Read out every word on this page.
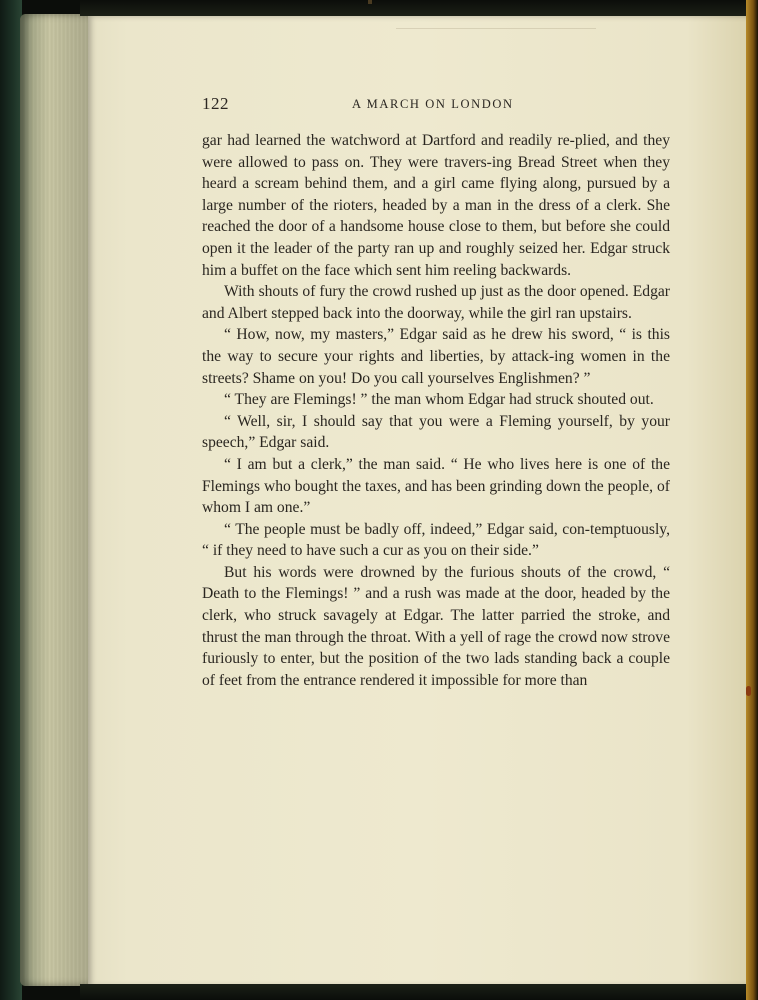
122	A MARCH ON LONDON

gar had learned the watchword at Dartford and readily re-plied, and they were allowed to pass on. They were travers-ing Bread Street when they heard a scream behind them, and a girl came flying along, pursued by a large number of the rioters, headed by a man in the dress of a clerk. She reached the door of a handsome house close to them, but before she could open it the leader of the party ran up and roughly seized her. Edgar struck him a buffet on the face which sent him reeling backwards.

With shouts of fury the crowd rushed up just as the door opened. Edgar and Albert stepped back into the doorway, while the girl ran upstairs.

“ How, now, my masters,” Edgar said as he drew his sword, “ is this the way to secure your rights and liberties, by attack-ing women in the streets? Shame on you! Do you call yourselves Englishmen? ”

“ They are Flemings! ” the man whom Edgar had struck shouted out.

“ Well, sir, I should say that you were a Fleming yourself, by your speech,” Edgar said.

“ I am but a clerk,” the man said. “ He who lives here is one of the Flemings who bought the taxes, and has been grinding down the people, of whom I am one.”

“ The people must be badly off, indeed,” Edgar said, con-temptuously, “ if they need to have such a cur as you on their side.”

But his words were drowned by the furious shouts of the crowd, “ Death to the Flemings! ” and a rush was made at the door, headed by the clerk, who struck savagely at Edgar. The latter parried the stroke, and thrust the man through the throat. With a yell of rage the crowd now strove furiously to enter, but the position of the two lads standing back a couple of feet from the entrance rendered it impossible for more than
